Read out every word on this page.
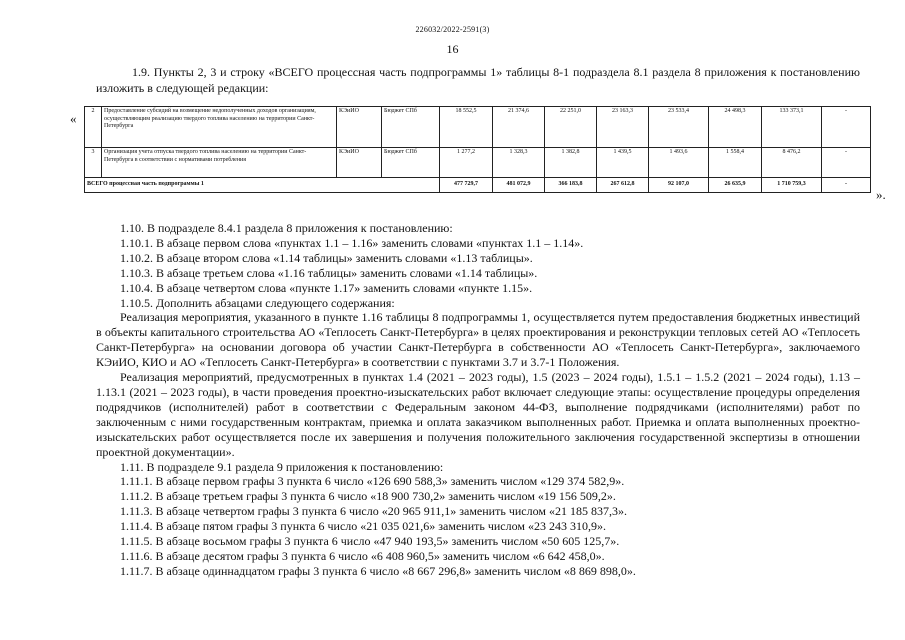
226032/2022-2591(3)
16
1.9. Пункты 2, 3 и строку «ВСЕГО процессная часть подпрограммы 1» таблицы 8-1 подраздела 8.1 раздела 8 приложения к постановлению изложить в следующей редакции:
«
».
2	Предоставление субсидий на возмещение недополученных доходов организациям, осуществляющим реализацию твердого топлива населению на территории Санкт-Петербурга	КЭиИО	Бюджет СПб	18 552,5	21 374,6	22 251,0	23 163,3	23 533,4	24 498,3	133 373,1	-
3	Организация учета отпуска твердого топлива населению на территории Санкт-Петербурга в соответствии с нормативами потребления	КЭиИО	Бюджет СПб	1 277,2	1 328,3	1 382,8	1 439,5	1 493,6	1 558,4	8 476,2	-
ВСЕГО процессная часть подпрограммы 1				477 729,7	481 072,9	366 183,8	267 612,8	92 107,0	26 635,9	1 710 759,3	-

1.10. В подразделе 8.4.1 раздела 8 приложения к постановлению:

1.10.1. В абзаце первом слова «пунктах 1.1 – 1.16» заменить словами «пунктах 1.1 – 1.14».

1.10.2. В абзаце втором слова «1.14 таблицы» заменить словами «1.13 таблицы».

1.10.3. В абзаце третьем слова «1.16 таблицы» заменить словами «1.14 таблицы».

1.10.4. В абзаце четвертом слова «пункте 1.17» заменить словами «пункте 1.15».

1.10.5. Дополнить абзацами следующего содержания:

Реализация мероприятия, указанного в пункте 1.16 таблицы 8 подпрограммы 1, осуществляется путем предоставления бюджетных инвестиций в объекты капитального строительства АО «Теплосеть Санкт-Петербурга» в целях проектирования и реконструкции тепловых сетей АО «Теплосеть Санкт-Петербурга» на основании договора об участии Санкт-Петербурга в собственности АО «Теплосеть Санкт-Петербурга», заключаемого КЭиИО, КИО и АО «Теплосеть Санкт-Петербурга» в соответствии с пунктами 3.7 и 3.7-1 Положения.

Реализация мероприятий, предусмотренных в пунктах 1.4 (2021 – 2023 годы), 1.5 (2023 – 2024 годы), 1.5.1 – 1.5.2 (2021 – 2024 годы), 1.13 – 1.13.1 (2021 – 2023 годы), в части проведения проектно-изыскательских работ включает следующие этапы: осуществление процедуры определения подрядчиков (исполнителей) работ в соответствии с Федеральным законом 44-ФЗ, выполнение подрядчиками (исполнителями) работ по заключенным с ними государственным контрактам, приемка и оплата заказчиком выполненных работ. Приемка и оплата выполненных проектно-изыскательских работ осуществляется после их завершения и получения положительного заключения государственной экспертизы в отношении проектной документации».

1.11. В подразделе 9.1 раздела 9 приложения к постановлению:

1.11.1. В абзаце первом графы 3 пункта 6 число «126 690 588,3» заменить числом «129 374 582,9».

1.11.2. В абзаце третьем графы 3 пункта 6 число «18 900 730,2» заменить числом «19 156 509,2».

1.11.3. В абзаце четвертом графы 3 пункта 6 число «20 965 911,1» заменить числом «21 185 837,3».

1.11.4. В абзаце пятом графы 3 пункта 6 число «21 035 021,6» заменить числом «23 243 310,9».

1.11.5. В абзаце восьмом графы 3 пункта 6 число «47 940 193,5» заменить числом «50 605 125,7».

1.11.6. В абзаце десятом графы 3 пункта 6 число «6 408 960,5» заменить числом «6 642 458,0».

1.11.7. В абзаце одиннадцатом графы 3 пункта 6 число «8 667 296,8» заменить числом «8 869 898,0».
